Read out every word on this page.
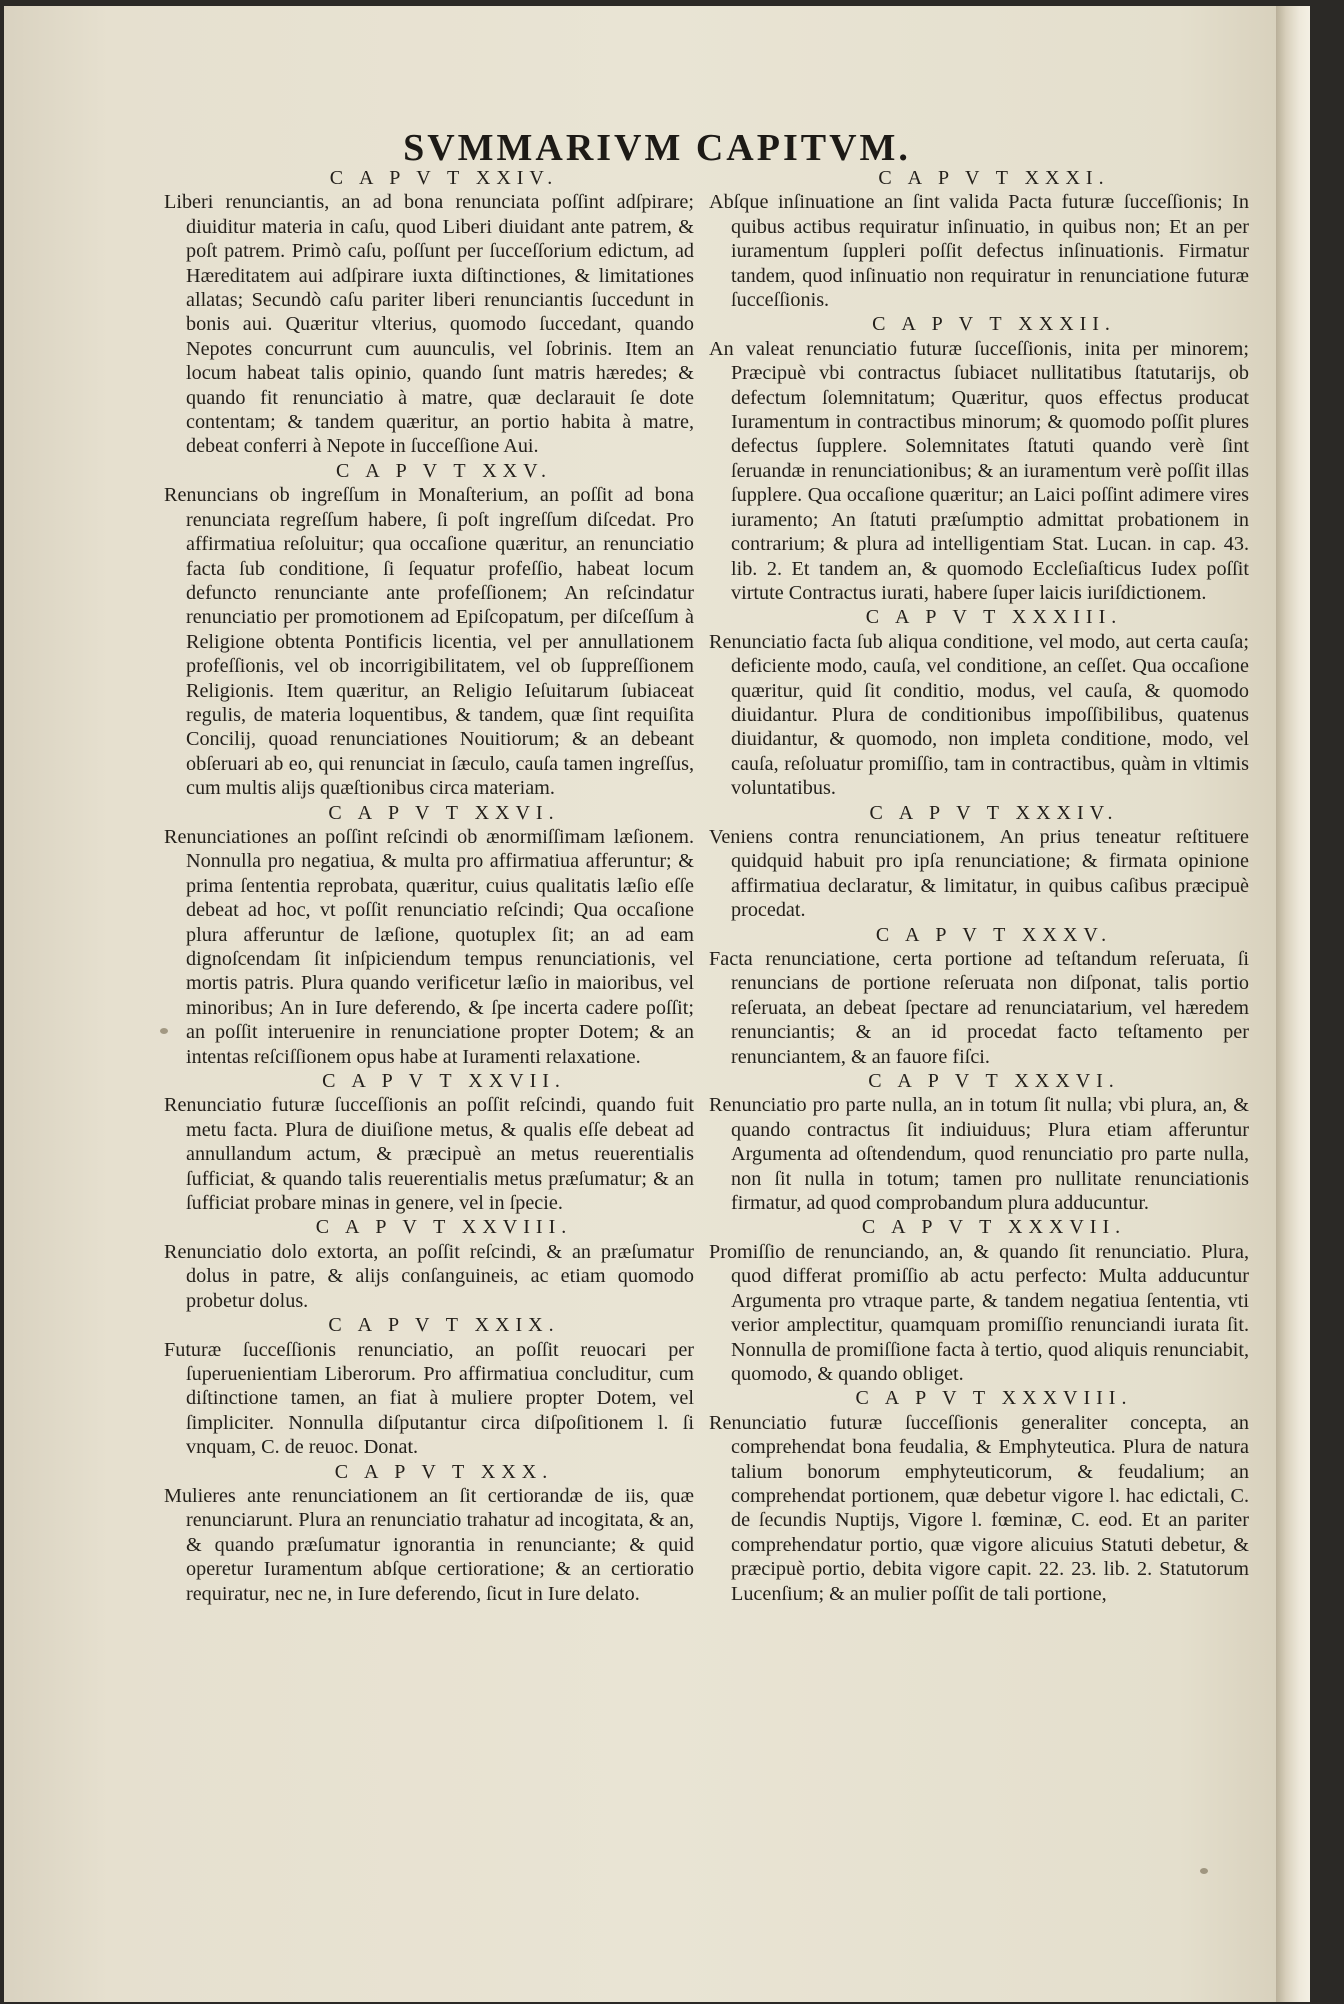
SVMMARIVM CAPITVM.

C A P V T XXIV.

Liberi renunciantis, an ad bona renunciata poſſint adſpirare; diuiditur materia in caſu, quod Liberi diuidant ante patrem, & poſt patrem. Primò caſu, poſſunt per ſucceſſorium edictum, ad Hæreditatem aui adſpirare iuxta diſtinctiones, & limitationes allatas; Secundò caſu pariter liberi renunciantis ſuccedunt in bonis aui. Quæritur vlterius, quomodo ſuccedant, quando Nepotes concurrunt cum auunculis, vel ſobrinis. Item an locum habeat talis opinio, quando ſunt matris hæredes; & quando fit renunciatio à matre, quæ declarauit ſe dote contentam; & tandem quæritur, an portio habita à matre, debeat conferri à Nepote in ſucceſſione Aui.

C A P V T XXV.

Renuncians ob ingreſſum in Monaſterium, an poſſit ad bona renunciata regreſſum habere, ſi poſt ingreſſum diſcedat. Pro affirmatiua reſoluitur; qua occaſione quæritur, an renunciatio facta ſub conditione, ſi ſequatur profeſſio, habeat locum defuncto renunciante ante profeſſionem; An reſcindatur renunciatio per promotionem ad Epiſcopatum, per diſceſſum à Religione obtenta Pontificis licentia, vel per annullationem profeſſionis, vel ob incorrigibilitatem, vel ob ſuppreſſionem Religionis. Item quæritur, an Religio Ieſuitarum ſubiaceat regulis, de materia loquentibus, & tandem, quæ ſint requiſita Concilij, quoad renunciationes Nouitiorum; & an debeant obſeruari ab eo, qui renunciat in ſæculo, cauſa tamen ingreſſus, cum multis alijs quæſtionibus circa materiam.

C A P V T XXVI.

Renunciationes an poſſint reſcindi ob ænormiſſimam læſionem. Nonnulla pro negatiua, & multa pro affirmatiua afferuntur; & prima ſententia reprobata, quæritur, cuius qualitatis læſio eſſe debeat ad hoc, vt poſſit renunciatio reſcindi; Qua occaſione plura afferuntur de læſione, quotuplex ſit; an ad eam dignoſcendam ſit inſpiciendum tempus renunciationis, vel mortis patris. Plura quando verificetur læſio in maioribus, vel minoribus; An in Iure deferendo, & ſpe incerta cadere poſſit; an poſſit interuenire in renunciatione propter Dotem; & an intentas reſciſſionem opus habe at Iuramenti relaxatione.

C A P V T XXVII.

Renunciatio futuræ ſucceſſionis an poſſit reſcindi, quando fuit metu facta. Plura de diuiſione metus, & qualis eſſe debeat ad annullandum actum, & præcipuè an metus reuerentialis ſufficiat, & quando talis reuerentialis metus præſumatur; & an ſufficiat probare minas in genere, vel in ſpecie.

C A P V T XXVIII.

Renunciatio dolo extorta, an poſſit reſcindi, & an præſumatur dolus in patre, & alijs conſanguineis, ac etiam quomodo probetur dolus.

C A P V T XXIX.

Futuræ ſucceſſionis renunciatio, an poſſit reuocari per ſuperuenientiam Liberorum. Pro affirmatiua concluditur, cum diſtinctione tamen, an fiat à muliere propter Dotem, vel ſimpliciter. Nonnulla diſputantur circa diſpoſitionem l. ſi vnquam, C. de reuoc. Donat.

C A P V T XXX.

Mulieres ante renunciationem an ſit certiorandæ de iis, quæ renunciarunt. Plura an renunciatio trahatur ad incogitata, & an, & quando præſumatur ignorantia in renunciante; & quid operetur Iuramentum abſque certioratione; & an certioratio requiratur, nec ne, in Iure deferendo, ſicut in Iure delato.

C A P V T XXXI.

Abſque inſinuatione an ſint valida Pacta futuræ ſucceſſionis; In quibus actibus requiratur inſinuatio, in quibus non; Et an per iuramentum ſuppleri poſſit defectus inſinuationis. Firmatur tandem, quod inſinuatio non requiratur in renunciatione futuræ ſucceſſionis.

C A P V T XXXII.

An valeat renunciatio futuræ ſucceſſionis, inita per minorem; Præcipuè vbi contractus ſubiacet nullitatibus ſtatutarijs, ob defectum ſolemnitatum; Quæritur, quos effectus producat Iuramentum in contractibus minorum; & quomodo poſſit plures defectus ſupplere. Solemnitates ſtatuti quando verè ſint ſeruandæ in renunciationibus; & an iuramentum verè poſſit illas ſupplere. Qua occaſione quæritur; an Laici poſſint adimere vires iuramento; An ſtatuti præſumptio admittat probationem in contrarium; & plura ad intelligentiam Stat. Lucan. in cap. 43. lib. 2. Et tandem an, & quomodo Eccleſiaſticus Iudex poſſit virtute Contractus iurati, habere ſuper laicis iuriſdictionem.

C A P V T XXXIII.

Renunciatio facta ſub aliqua conditione, vel modo, aut certa cauſa; deficiente modo, cauſa, vel conditione, an ceſſet. Qua occaſione quæritur, quid ſit conditio, modus, vel cauſa, & quomodo diuidantur. Plura de conditionibus impoſſibilibus, quatenus diuidantur, & quomodo, non impleta conditione, modo, vel cauſa, reſoluatur promiſſio, tam in contractibus, quàm in vltimis voluntatibus.

C A P V T XXXIV.

Veniens contra renunciationem, An prius teneatur reſtituere quidquid habuit pro ipſa renunciatione; & firmata opinione affirmatiua declaratur, & limitatur, in quibus caſibus præcipuè procedat.

C A P V T XXXV.

Facta renunciatione, certa portione ad teſtandum reſeruata, ſi renuncians de portione reſeruata non diſponat, talis portio reſeruata, an debeat ſpectare ad renunciatarium, vel hæredem renunciantis; & an id procedat facto teſtamento per renunciantem, & an fauore fiſci.

C A P V T XXXVI.

Renunciatio pro parte nulla, an in totum ſit nulla; vbi plura, an, & quando contractus ſit indiuiduus; Plura etiam afferuntur Argumenta ad oſtendendum, quod renunciatio pro parte nulla, non ſit nulla in totum; tamen pro nullitate renunciationis firmatur, ad quod comprobandum plura adducuntur.

C A P V T XXXVII.

Promiſſio de renunciando, an, & quando ſit renunciatio. Plura, quod differat promiſſio ab actu perfecto: Multa adducuntur Argumenta pro vtraque parte, & tandem negatiua ſententia, vti verior amplectitur, quamquam promiſſio renunciandi iurata ſit. Nonnulla de promiſſione facta à tertio, quod aliquis renunciabit, quomodo, & quando obliget.

C A P V T XXXVIII.

Renunciatio futuræ ſucceſſionis generaliter concepta, an comprehendat bona feudalia, & Emphyteutica. Plura de natura talium bonorum emphyteuticorum, & feudalium; an comprehendat portionem, quæ debetur vigore l. hac edictali, C. de ſecundis Nuptijs, Vigore l. fœminæ, C. eod. Et an pariter comprehendatur portio, quæ vigore alicuius Statuti debetur, & præcipuè portio, debita vigore capit. 22. 23. lib. 2. Statutorum Lucenſium; & an mulier poſſit de tali portione,
